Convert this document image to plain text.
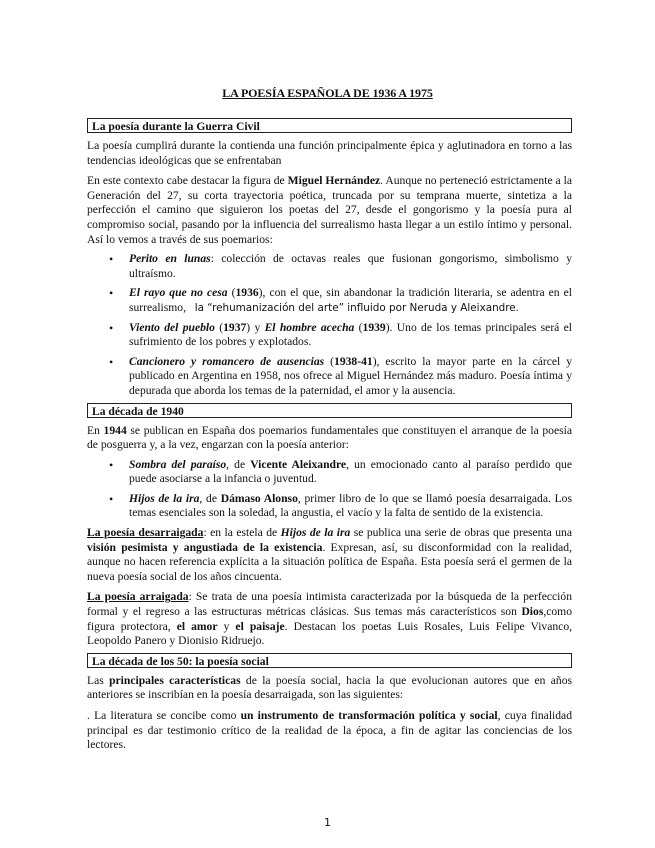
LA POESÍA ESPAÑOLA DE 1936 A 1975
La poesía durante la Guerra Civil

La poesía cumplirá durante la contienda una función principalmente épica y aglutinadora en torno a las tendencias ideológicas que se enfrentaban

En este contexto cabe destacar la figura de Miguel Hernández. Aunque no perteneció estrictamente a la Generación del 27, su corta trayectoria poética, truncada por su temprana muerte, sintetiza a la perfección el camino que siguieron los poetas del 27, desde el gongorismo y la poesía pura al compromiso social, pasando por la influencia del surrealismo hasta llegar a un estilo íntimo y personal. Así lo vemos a través de sus poemarios:

• Perito en lunas: colección de octavas reales que fusionan gongorismo, simbolismo y ultraísmo.
• El rayo que no cesa (1936), con el que, sin abandonar la tradición literaria, se adentra en el surrealismo, la “rehumanización del arte” influido por Neruda y Aleixandre.
• Viento del pueblo (1937) y El hombre acecha (1939). Uno de los temas principales será el sufrimiento de los pobres y explotados.
• Cancionero y romancero de ausencias (1938-41), escrito la mayor parte en la cárcel y publicado en Argentina en 1958, nos ofrece al Miguel Hernández más maduro. Poesía íntima y depurada que aborda los temas de la paternidad, el amor y la ausencia.
La década de 1940

En 1944 se publican en España dos poemarios fundamentales que constituyen el arranque de la poesía de posguerra y, a la vez, engarzan con la poesía anterior:

• Sombra del paraíso, de Vicente Aleixandre, un emocionado canto al paraíso perdido que puede asociarse a la infancia o juventud.
• Hijos de la ira, de Dámaso Alonso, primer libro de lo que se llamó poesía desarraigada. Los temas esenciales son la soledad, la angustia, el vacío y la falta de sentido de la existencia.

La poesía desarraigada: en la estela de Hijos de la ira se publica una serie de obras que presenta una visión pesimista y angustiada de la existencia. Expresan, así, su disconformidad con la realidad, aunque no hacen referencia explícita a la situación política de España. Esta poesía será el germen de la nueva poesía social de los años cincuenta.

La poesía arraigada: Se trata de una poesía intimista caracterizada por la búsqueda de la perfección formal y el regreso a las estructuras métricas clásicas. Sus temas más característicos son Dios,como figura protectora, el amor y el paisaje. Destacan los poetas Luis Rosales, Luis Felipe Vivanco, Leopoldo Panero y Dionisio Ridruejo.

La década de los 50: la poesía social

Las principales características de la poesía social, hacia la que evolucionan autores que en años anteriores se inscribían en la poesía desarraigada, son las siguientes:

. La literatura se concibe como un instrumento de transformación política y social, cuya finalidad principal es dar testimonio crítico de la realidad de la época, a fin de agitar las conciencias de los lectores.

1
